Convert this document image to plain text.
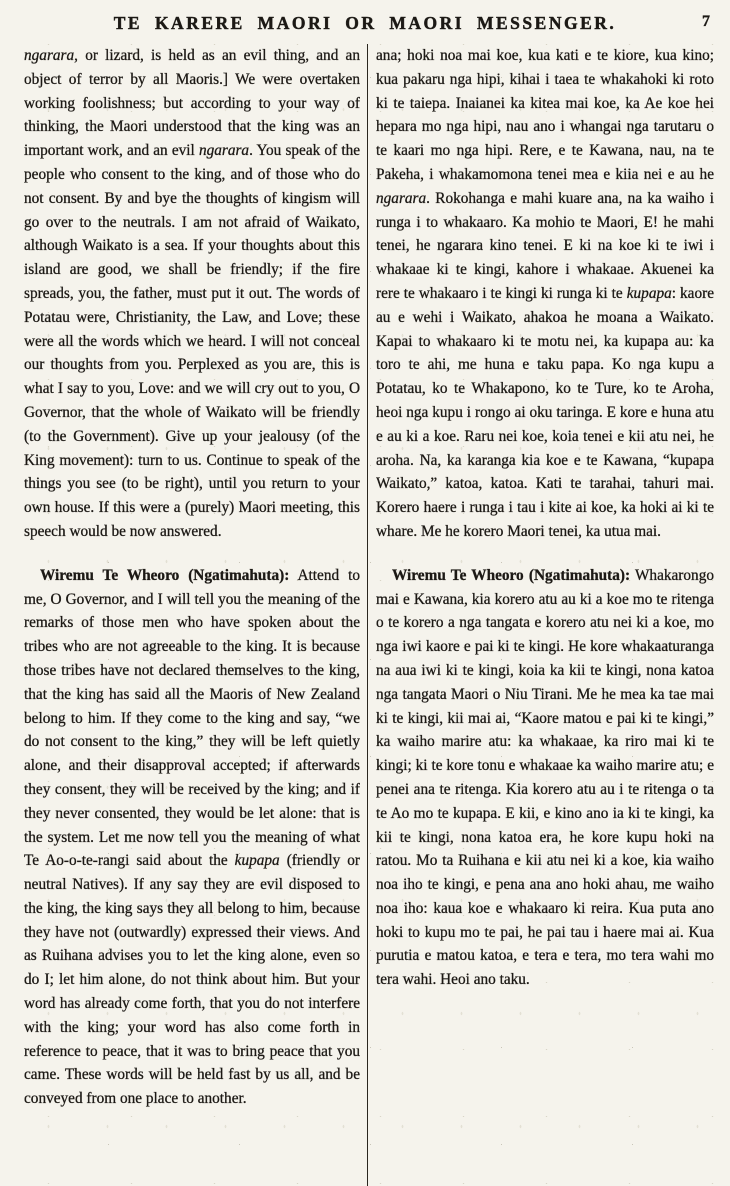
TE KARERE MAORI OR MAORI MESSENGER.	7

ngarara, or lizard, is held as an evil thing, and an object of terror by all Maoris.] We were overtaken working foolishness; but according to your way of thinking, the Maori understood that the king was an important work, and an evil ngarara. You speak of the people who consent to the king, and of those who do not consent. By and bye the thoughts of kingism will go over to the neutrals. I am not afraid of Waikato, although Waikato is a sea. If your thoughts about this island are good, we shall be friendly; if the fire spreads, you, the father, must put it out. The words of Potatau were, Christianity, the Law, and Love; these were all the words which we heard. I will not conceal our thoughts from you. Perplexed as you are, this is what I say to you, Love: and we will cry out to you, O Governor, that the whole of Waikato will be friendly (to the Government). Give up your jealousy (of the King movement): turn to us. Continue to speak of the things you see (to be right), until you return to your own house. If this were a (purely) Maori meeting, this speech would be now answered.

Wiremu Te Wheoro (Ngatimahuta): Attend to me, O Governor, and I will tell you the meaning of the remarks of those men who have spoken about the tribes who are not agreeable to the king. It is because those tribes have not declared themselves to the king, that the king has said all the Maoris of New Zealand belong to him. If they come to the king and say, “we do not consent to the king,” they will be left quietly alone, and their disapproval accepted; if afterwards they consent, they will be received by the king; and if they never consented, they would be let alone: that is the system. Let me now tell you the meaning of what Te Ao-o-te-rangi said about the kupapa (friendly or neutral Natives). If any say they are evil disposed to the king, the king says they all belong to him, because they have not (outwardly) expressed their views. And as Ruihana advises you to let the king alone, even so do I; let him alone, do not think about him. But your word has already come forth, that you do not interfere with the king; your word has also come forth in reference to peace, that it was to bring peace that you came. These words will be held fast by us all, and be conveyed from one place to another.

ana; hoki noa mai koe, kua kati e te kiore, kua kino; kua pakaru nga hipi, kihai i taea te whakahoki ki roto ki te taiepa. Inaianei ka kitea mai koe, ka Ae koe hei hepara mo nga hipi, nau ano i whangai nga tarutaru o te kaari mo nga hipi. Rere, e te Kawana, nau, na te Pakeha, i whakamomona tenei mea e kiia nei e au he ngarara. Rokohanga e mahi kuare ana, na ka waiho i runga i to whakaaro. Ka mohio te Maori, E! he mahi tenei, he ngarara kino tenei. E ki na koe ki te iwi i whakaae ki te kingi, kahore i whakaae. Akuenei ka rere te whakaaro i te kingi ki runga ki te kupapa: kaore au e wehi i Waikato, ahakoa he moana a Waikato. Kapai to whakaaro ki te motu nei, ka kupapa au: ka toro te ahi, me huna e taku papa. Ko nga kupu a Potatau, ko te Whakapono, ko te Ture, ko te Aroha, heoi nga kupu i rongo ai oku taringa. E kore e huna atu e au ki a koe. Raru nei koe, koia tenei e kii atu nei, he aroha. Na, ka karanga kia koe e te Kawana, “kupapa Waikato,” katoa, katoa. Kati te tarahai, tahuri mai. Korero haere i runga i tau i kite ai koe, ka hoki ai ki te whare. Me he korero Maori tenei, ka utua mai.

Wiremu Te Wheoro (Ngatimahuta): Whakarongo mai e Kawana, kia korero atu au ki a koe mo te ritenga o te korero a nga tangata e korero atu nei ki a koe, mo nga iwi kaore e pai ki te kingi. He kore whakaaturanga na aua iwi ki te kingi, koia ka kii te kingi, nona katoa nga tangata Maori o Niu Tirani. Me he mea ka tae mai ki te kingi, kii mai ai, “Kaore matou e pai ki te kingi,” ka waiho marire atu: ka whakaae, ka riro mai ki te kingi; ki te kore tonu e whakaae ka waiho marire atu; e penei ana te ritenga. Kia korero atu au i te ritenga o ta te Ao mo te kupapa. E kii, e kino ano ia ki te kingi, ka kii te kingi, nona katoa era, he kore kupu hoki na ratou. Mo ta Ruihana e kii atu nei ki a koe, kia waiho noa iho te kingi, e pena ana ano hoki ahau, me waiho noa iho: kaua koe e whakaaro ki reira. Kua puta ano hoki to kupu mo te pai, he pai tau i haere mai ai. Kua purutia e matou katoa, e tera e tera, mo tera wahi mo tera wahi. Heoi ano taku.
